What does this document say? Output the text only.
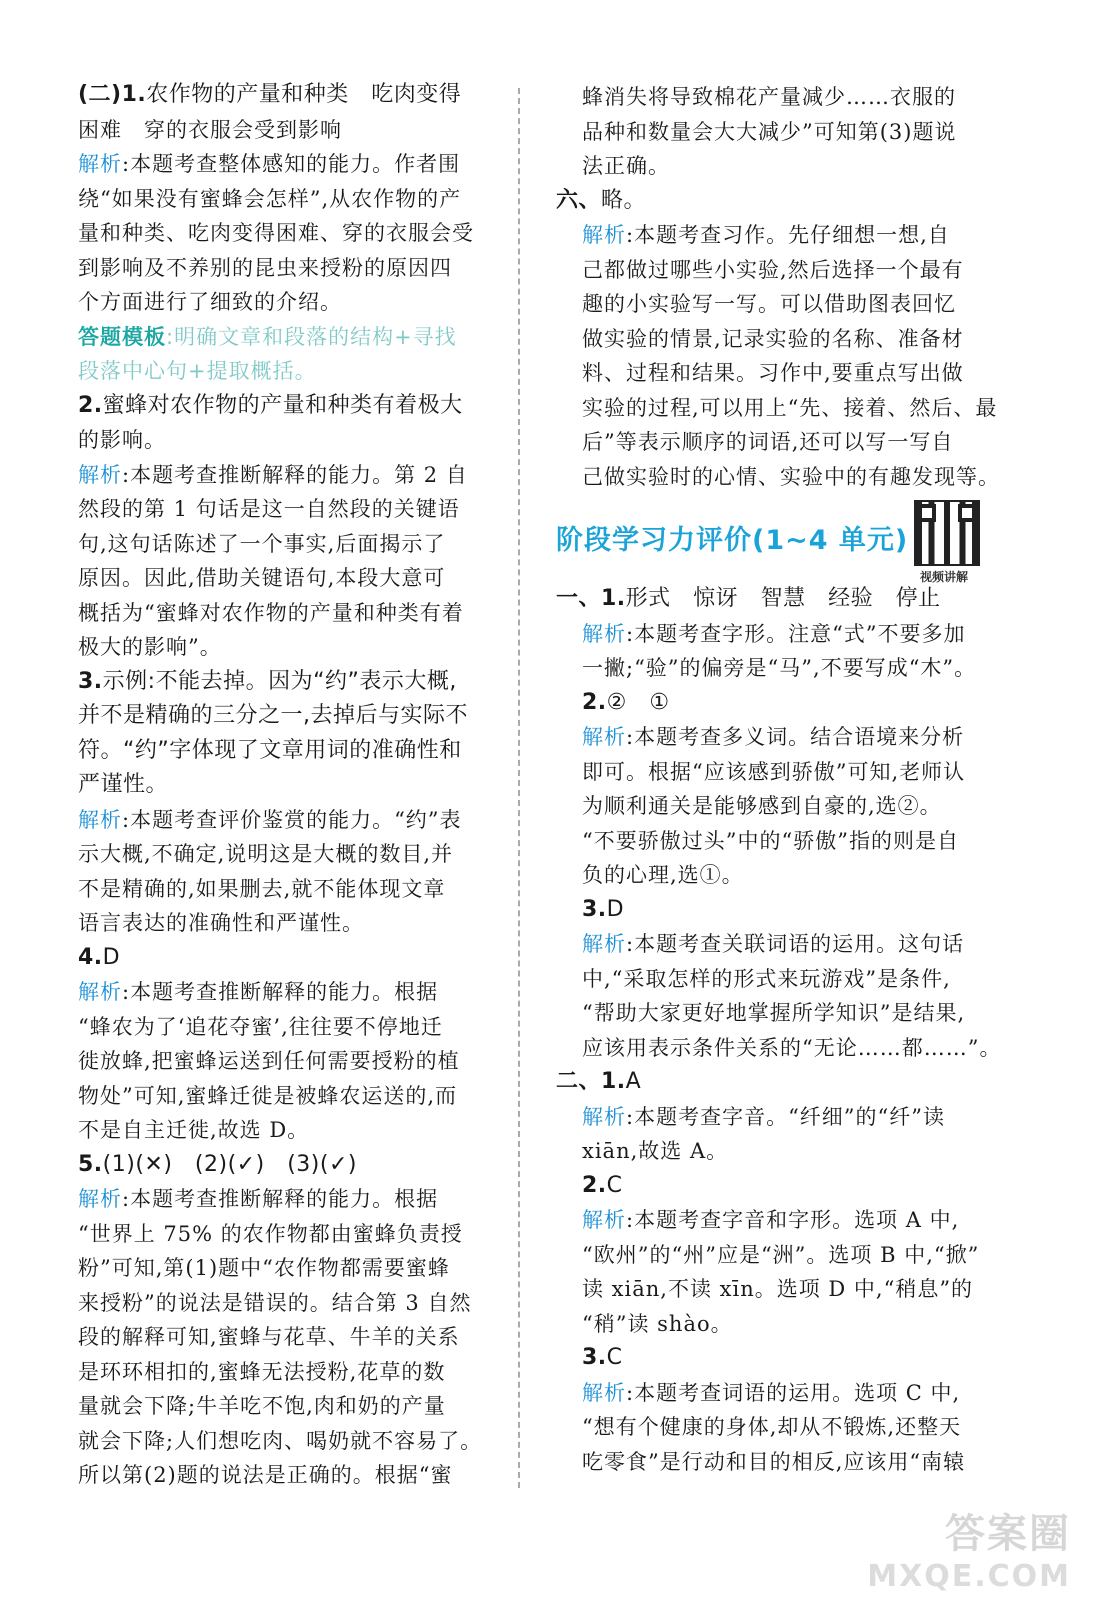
(二)1.农作物的产量和种类　吃肉变得
困难　穿的衣服会受到影响
解析:本题考查整体感知的能力。作者围
绕“如果没有蜜蜂会怎样”,从农作物的产
量和种类、吃肉变得困难、穿的衣服会受
到影响及不养别的昆虫来授粉的原因四
个方面进行了细致的介绍。
答题模板:明确文章和段落的结构+寻找
段落中心句+提取概括。
2.蜜蜂对农作物的产量和种类有着极大
的影响。
解析:本题考查推断解释的能力。第 2 自
然段的第 1 句话是这一自然段的关键语
句,这句话陈述了一个事实,后面揭示了
原因。因此,借助关键语句,本段大意可
概括为“蜜蜂对农作物的产量和种类有着
极大的影响”。
3.示例:不能去掉。因为“约”表示大概,
并不是精确的三分之一,去掉后与实际不
符。“约”字体现了文章用词的准确性和
严谨性。
解析:本题考查评价鉴赏的能力。“约”表
示大概,不确定,说明这是大概的数目,并
不是精确的,如果删去,就不能体现文章
语言表达的准确性和严谨性。
4.D
解析:本题考查推断解释的能力。根据
“蜂农为了‘追花夺蜜’,往往要不停地迁
徙放蜂,把蜜蜂运送到任何需要授粉的植
物处”可知,蜜蜂迁徙是被蜂农运送的,而
不是自主迁徙,故选 D。
5.(1)(✕)　(2)(✓)　(3)(✓)
解析:本题考查推断解释的能力。根据
“世界上 75% 的农作物都由蜜蜂负责授
粉”可知,第(1)题中“农作物都需要蜜蜂
来授粉”的说法是错误的。结合第 3 自然
段的解释可知,蜜蜂与花草、牛羊的关系
是环环相扣的,蜜蜂无法授粉,花草的数
量就会下降;牛羊吃不饱,肉和奶的产量
就会下降;人们想吃肉、喝奶就不容易了。
所以第(2)题的说法是正确的。根据“蜜
蜂消失将导致棉花产量减少……衣服的
品种和数量会大大减少”可知第(3)题说
法正确。
六、略。
解析:本题考查习作。先仔细想一想,自
己都做过哪些小实验,然后选择一个最有
趣的小实验写一写。可以借助图表回忆
做实验的情景,记录实验的名称、准备材
料、过程和结果。习作中,要重点写出做
实验的过程,可以用上“先、接着、然后、最
后”等表示顺序的词语,还可以写一写自
己做实验时的心情、实验中的有趣发现等。
阶段学习力评价(1~4 单元)
视频讲解
一、1.形式　惊讶　智慧　经验　停止
解析:本题考查字形。注意“式”不要多加
一撇;“验”的偏旁是“马”,不要写成“木”。
2.②　①
解析:本题考查多义词。结合语境来分析
即可。根据“应该感到骄傲”可知,老师认
为顺利通关是能够感到自豪的,选②。
“不要骄傲过头”中的“骄傲”指的则是自
负的心理,选①。
3.D
解析:本题考查关联词语的运用。这句话
中,“采取怎样的形式来玩游戏”是条件,
“帮助大家更好地掌握所学知识”是结果,
应该用表示条件关系的“无论……都……”。
二、1.A
解析:本题考查字音。“纤细”的“纤”读
xiān,故选 A。
2.C
解析:本题考查字音和字形。选项 A 中,
“欧州”的“州”应是“洲”。选项 B 中,“掀”
读 xiān,不读 xīn。选项 D 中,“稍息”的
“稍”读 shào。
3.C
解析:本题考查词语的运用。选项 C 中,
“想有个健康的身体,却从不锻炼,还整天
吃零食”是行动和目的相反,应该用“南辕
答案圈
MXQE.COM
